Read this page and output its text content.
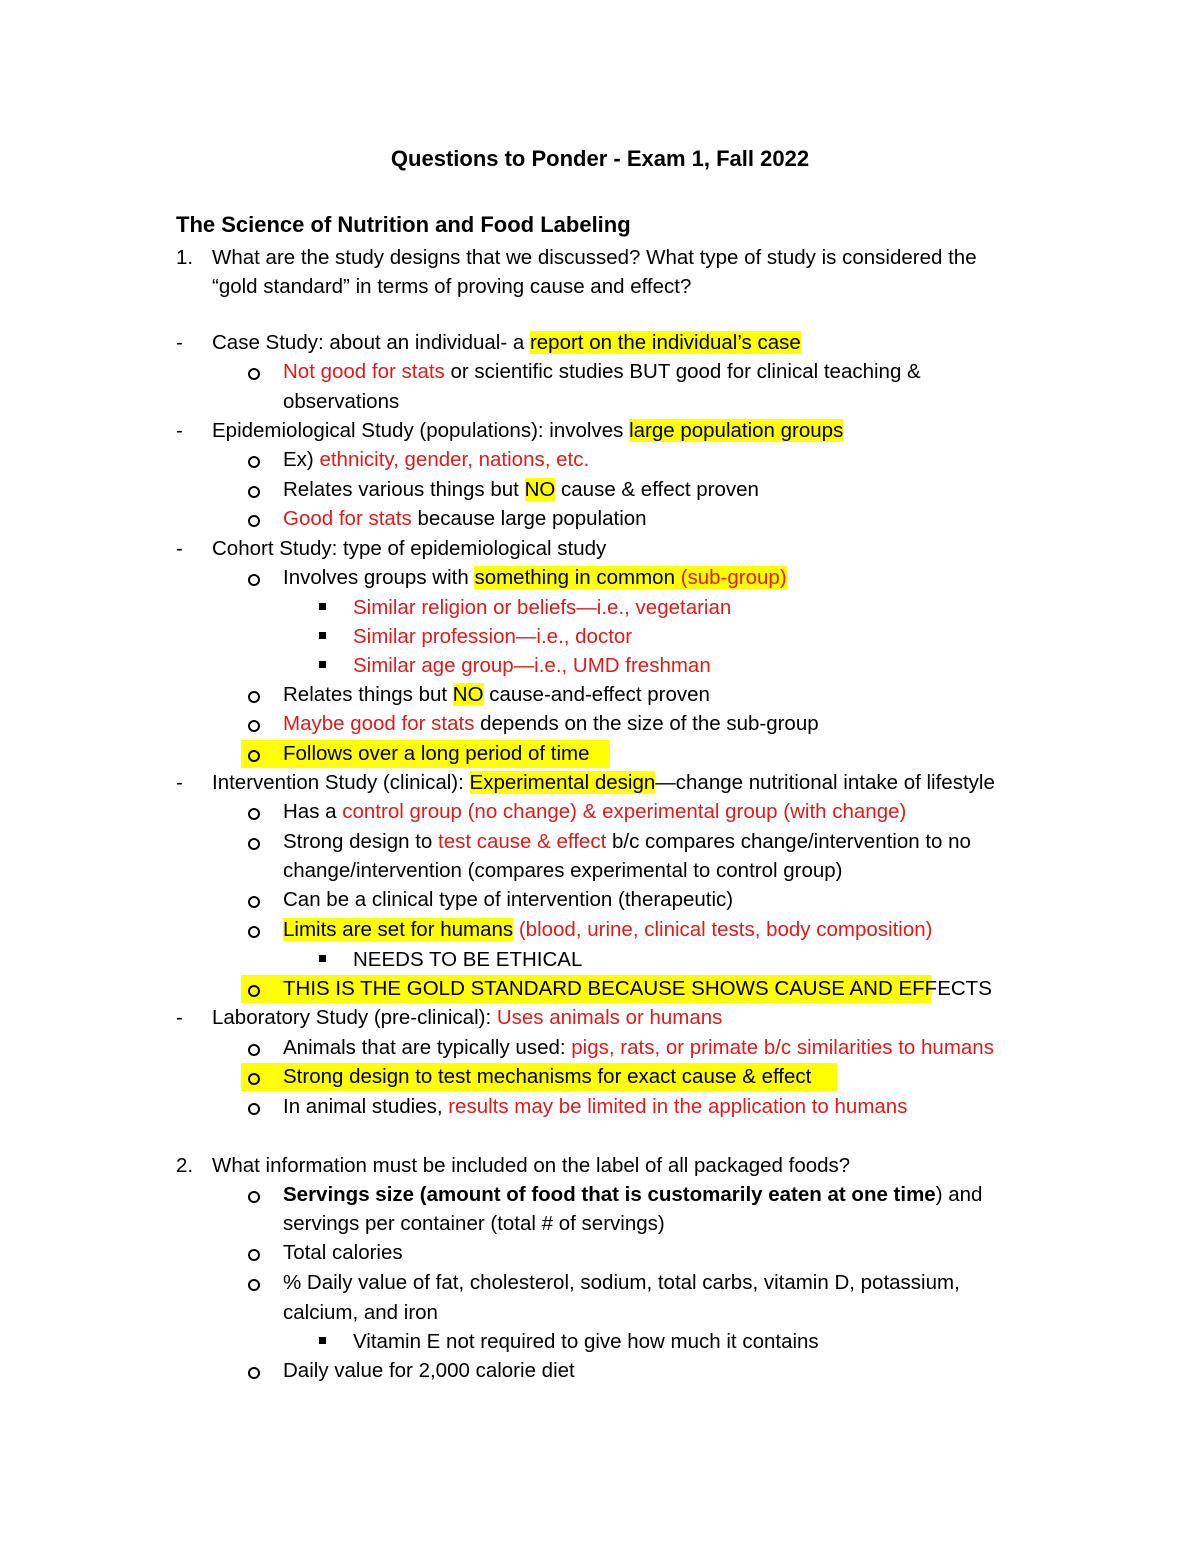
Questions to Ponder - Exam 1, Fall 2022
The Science of Nutrition and Food Labeling
1. What are the study designs that we discussed? What type of study is considered the
“gold standard” in terms of proving cause and effect?
- Case Study: about an individual- a report on the individual’s case
Not good for stats or scientific studies BUT good for clinical teaching &
observations
- Epidemiological Study (populations): involves large population groups
Ex) ethnicity, gender, nations, etc.
Relates various things but NO cause & effect proven
Good for stats because large population
- Cohort Study: type of epidemiological study
Involves groups with something in common (sub-group)
Similar religion or beliefs—i.e., vegetarian
Similar profession—i.e., doctor
Similar age group—i.e., UMD freshman
Relates things but NO cause-and-effect proven
Maybe good for stats depends on the size of the sub-group
Follows over a long period of time
- Intervention Study (clinical): Experimental design—change nutritional intake of lifestyle
Has a control group (no change) & experimental group (with change)
Strong design to test cause & effect b/c compares change/intervention to no
change/intervention (compares experimental to control group)
Can be a clinical type of intervention (therapeutic)
Limits are set for humans (blood, urine, clinical tests, body composition)
NEEDS TO BE ETHICAL
THIS IS THE GOLD STANDARD BECAUSE SHOWS CAUSE AND EFFECTS
- Laboratory Study (pre-clinical): Uses animals or humans
Animals that are typically used: pigs, rats, or primate b/c similarities to humans
Strong design to test mechanisms for exact cause & effect
In animal studies, results may be limited in the application to humans
2. What information must be included on the label of all packaged foods?
Servings size (amount of food that is customarily eaten at one time) and
servings per container (total # of servings)
Total calories
% Daily value of fat, cholesterol, sodium, total carbs, vitamin D, potassium,
calcium, and iron
Vitamin E not required to give how much it contains
Daily value for 2,000 calorie diet
